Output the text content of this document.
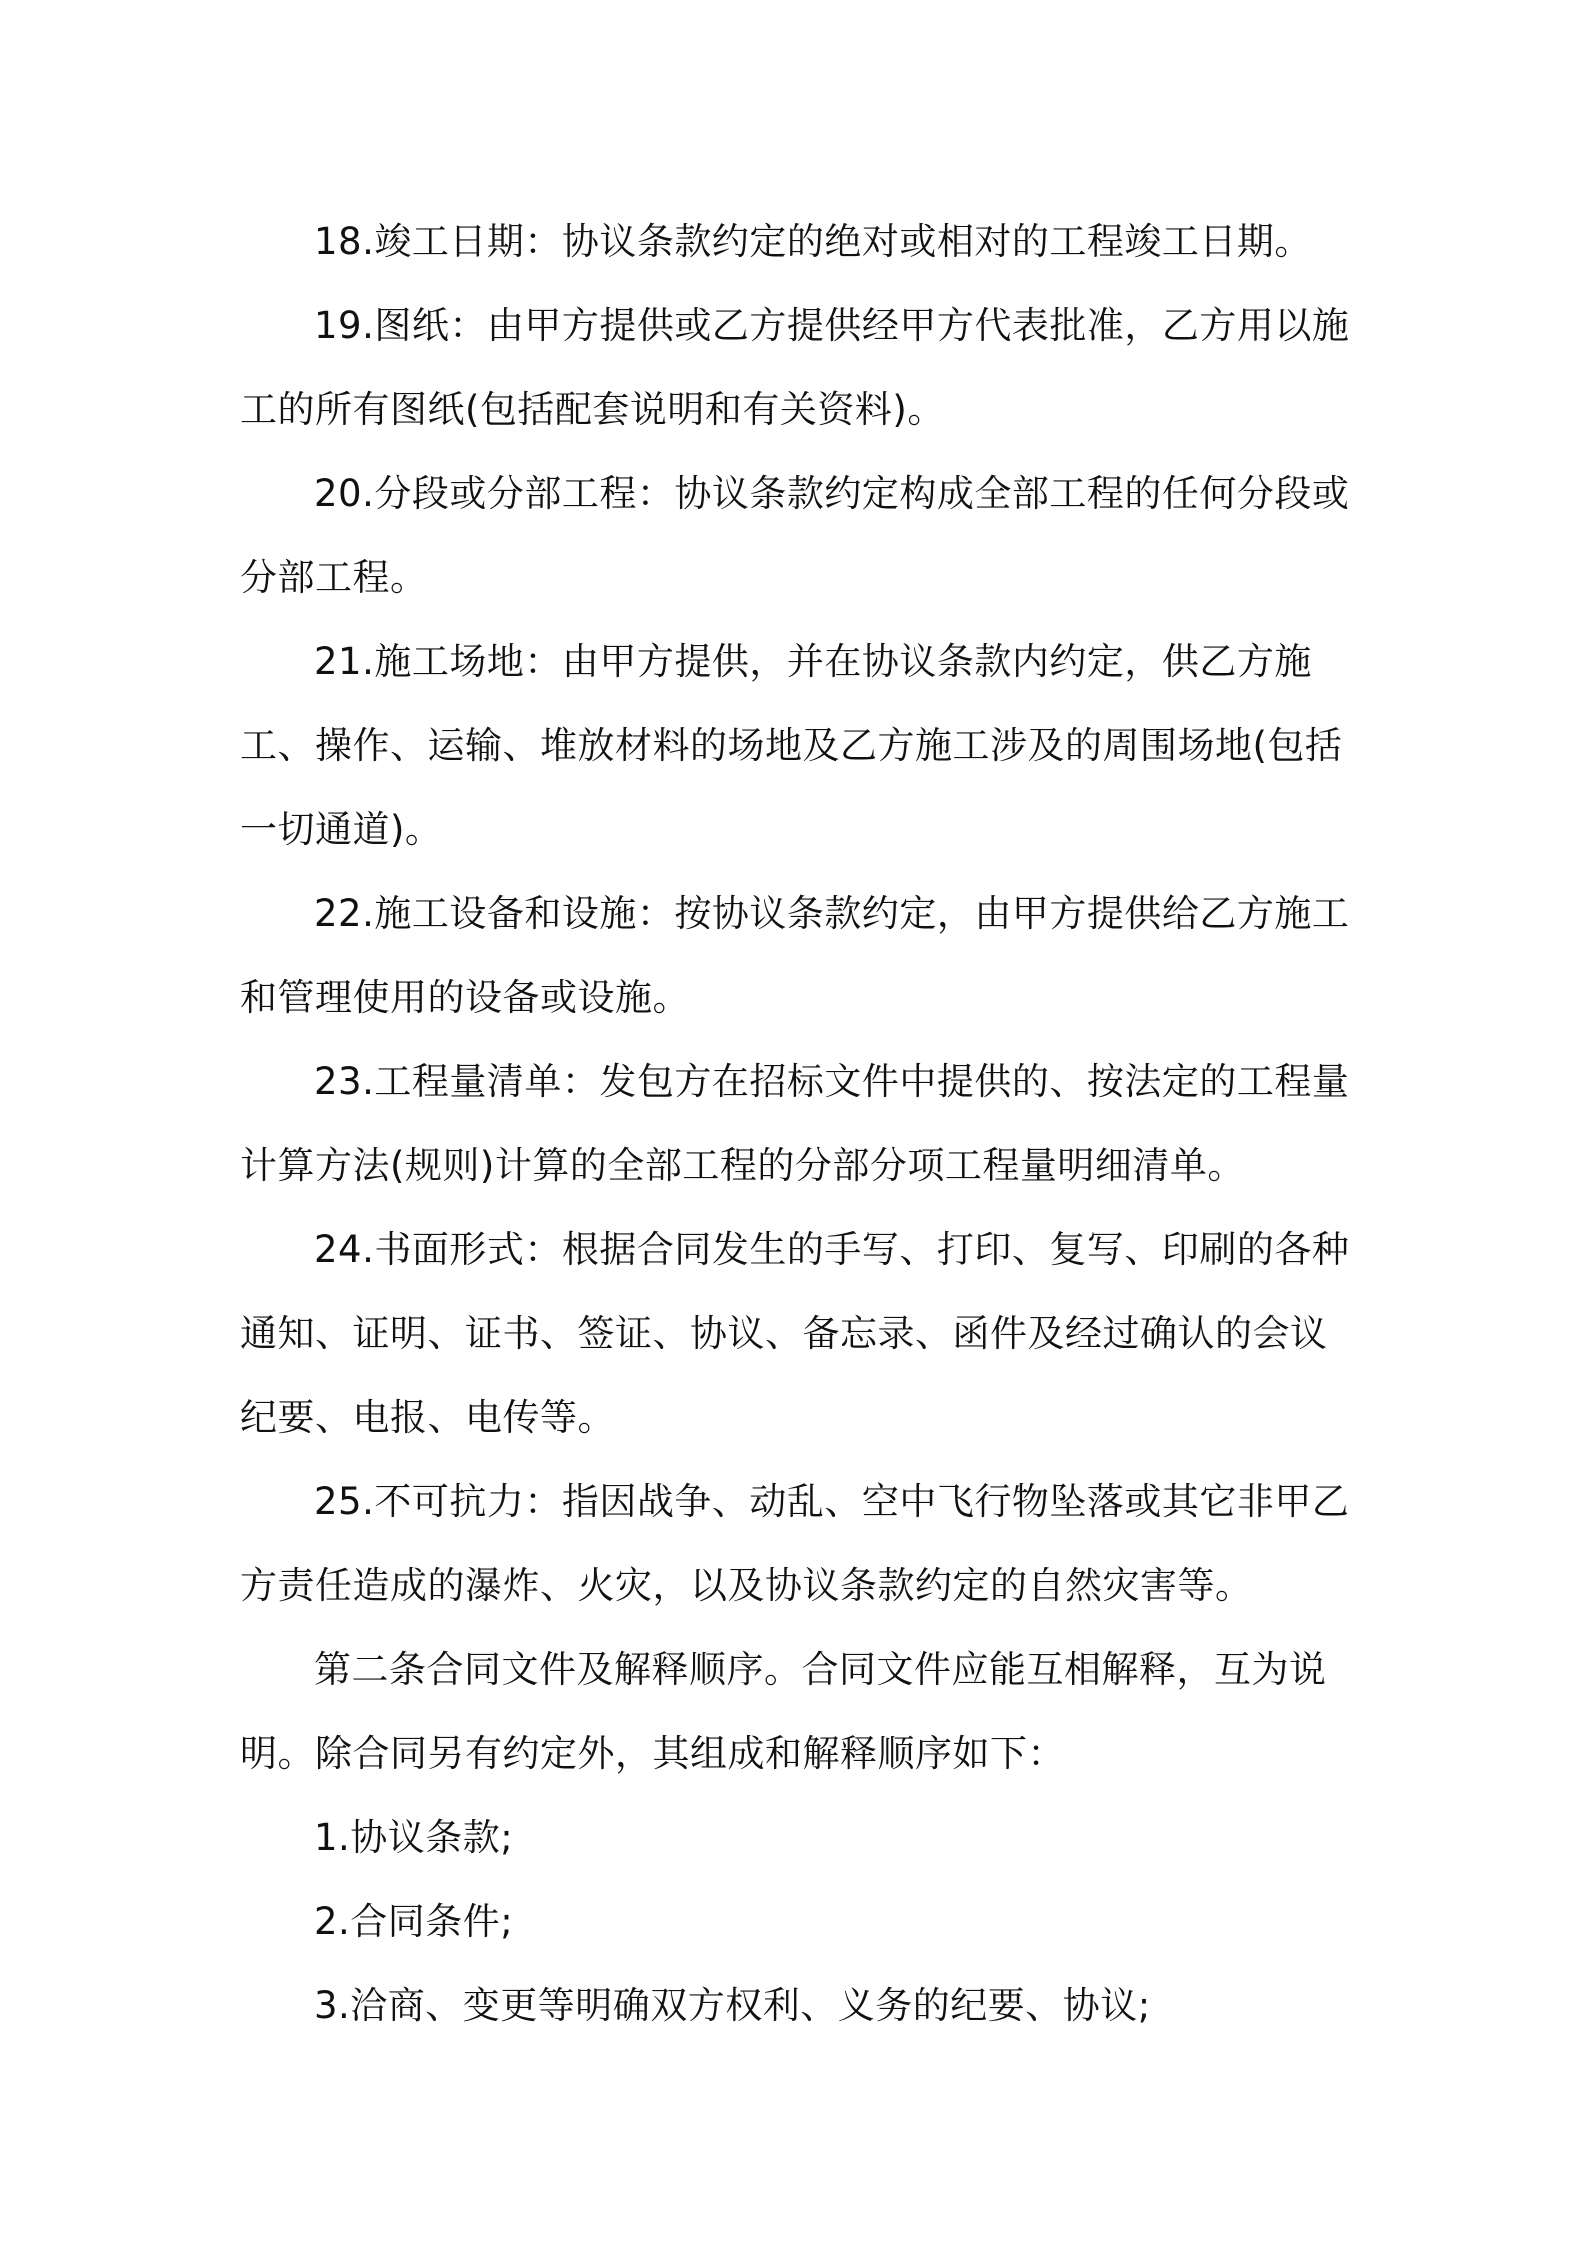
18.竣工日期：协议条款约定的绝对或相对的工程竣工日期。

19.图纸：由甲方提供或乙方提供经甲方代表批准，乙方用以施工的所有图纸(包括配套说明和有关资料)。

20.分段或分部工程：协议条款约定构成全部工程的任何分段或分部工程。

21.施工场地：由甲方提供，并在协议条款内约定，供乙方施工、操作、运输、堆放材料的场地及乙方施工涉及的周围场地(包括一切通道)。

22.施工设备和设施：按协议条款约定，由甲方提供给乙方施工和管理使用的设备或设施。

23.工程量清单：发包方在招标文件中提供的、按法定的工程量计算方法(规则)计算的全部工程的分部分项工程量明细清单。

24.书面形式：根据合同发生的手写、打印、复写、印刷的各种通知、证明、证书、签证、协议、备忘录、函件及经过确认的会议纪要、电报、电传等。

25.不可抗力：指因战争、动乱、空中飞行物坠落或其它非甲乙方责任造成的瀑炸、火灾，以及协议条款约定的自然灾害等。

第二条合同文件及解释顺序。合同文件应能互相解释，互为说明。除合同另有约定外，其组成和解释顺序如下：

1.协议条款;

2.合同条件;

3.洽商、变更等明确双方权利、义务的纪要、协议;
